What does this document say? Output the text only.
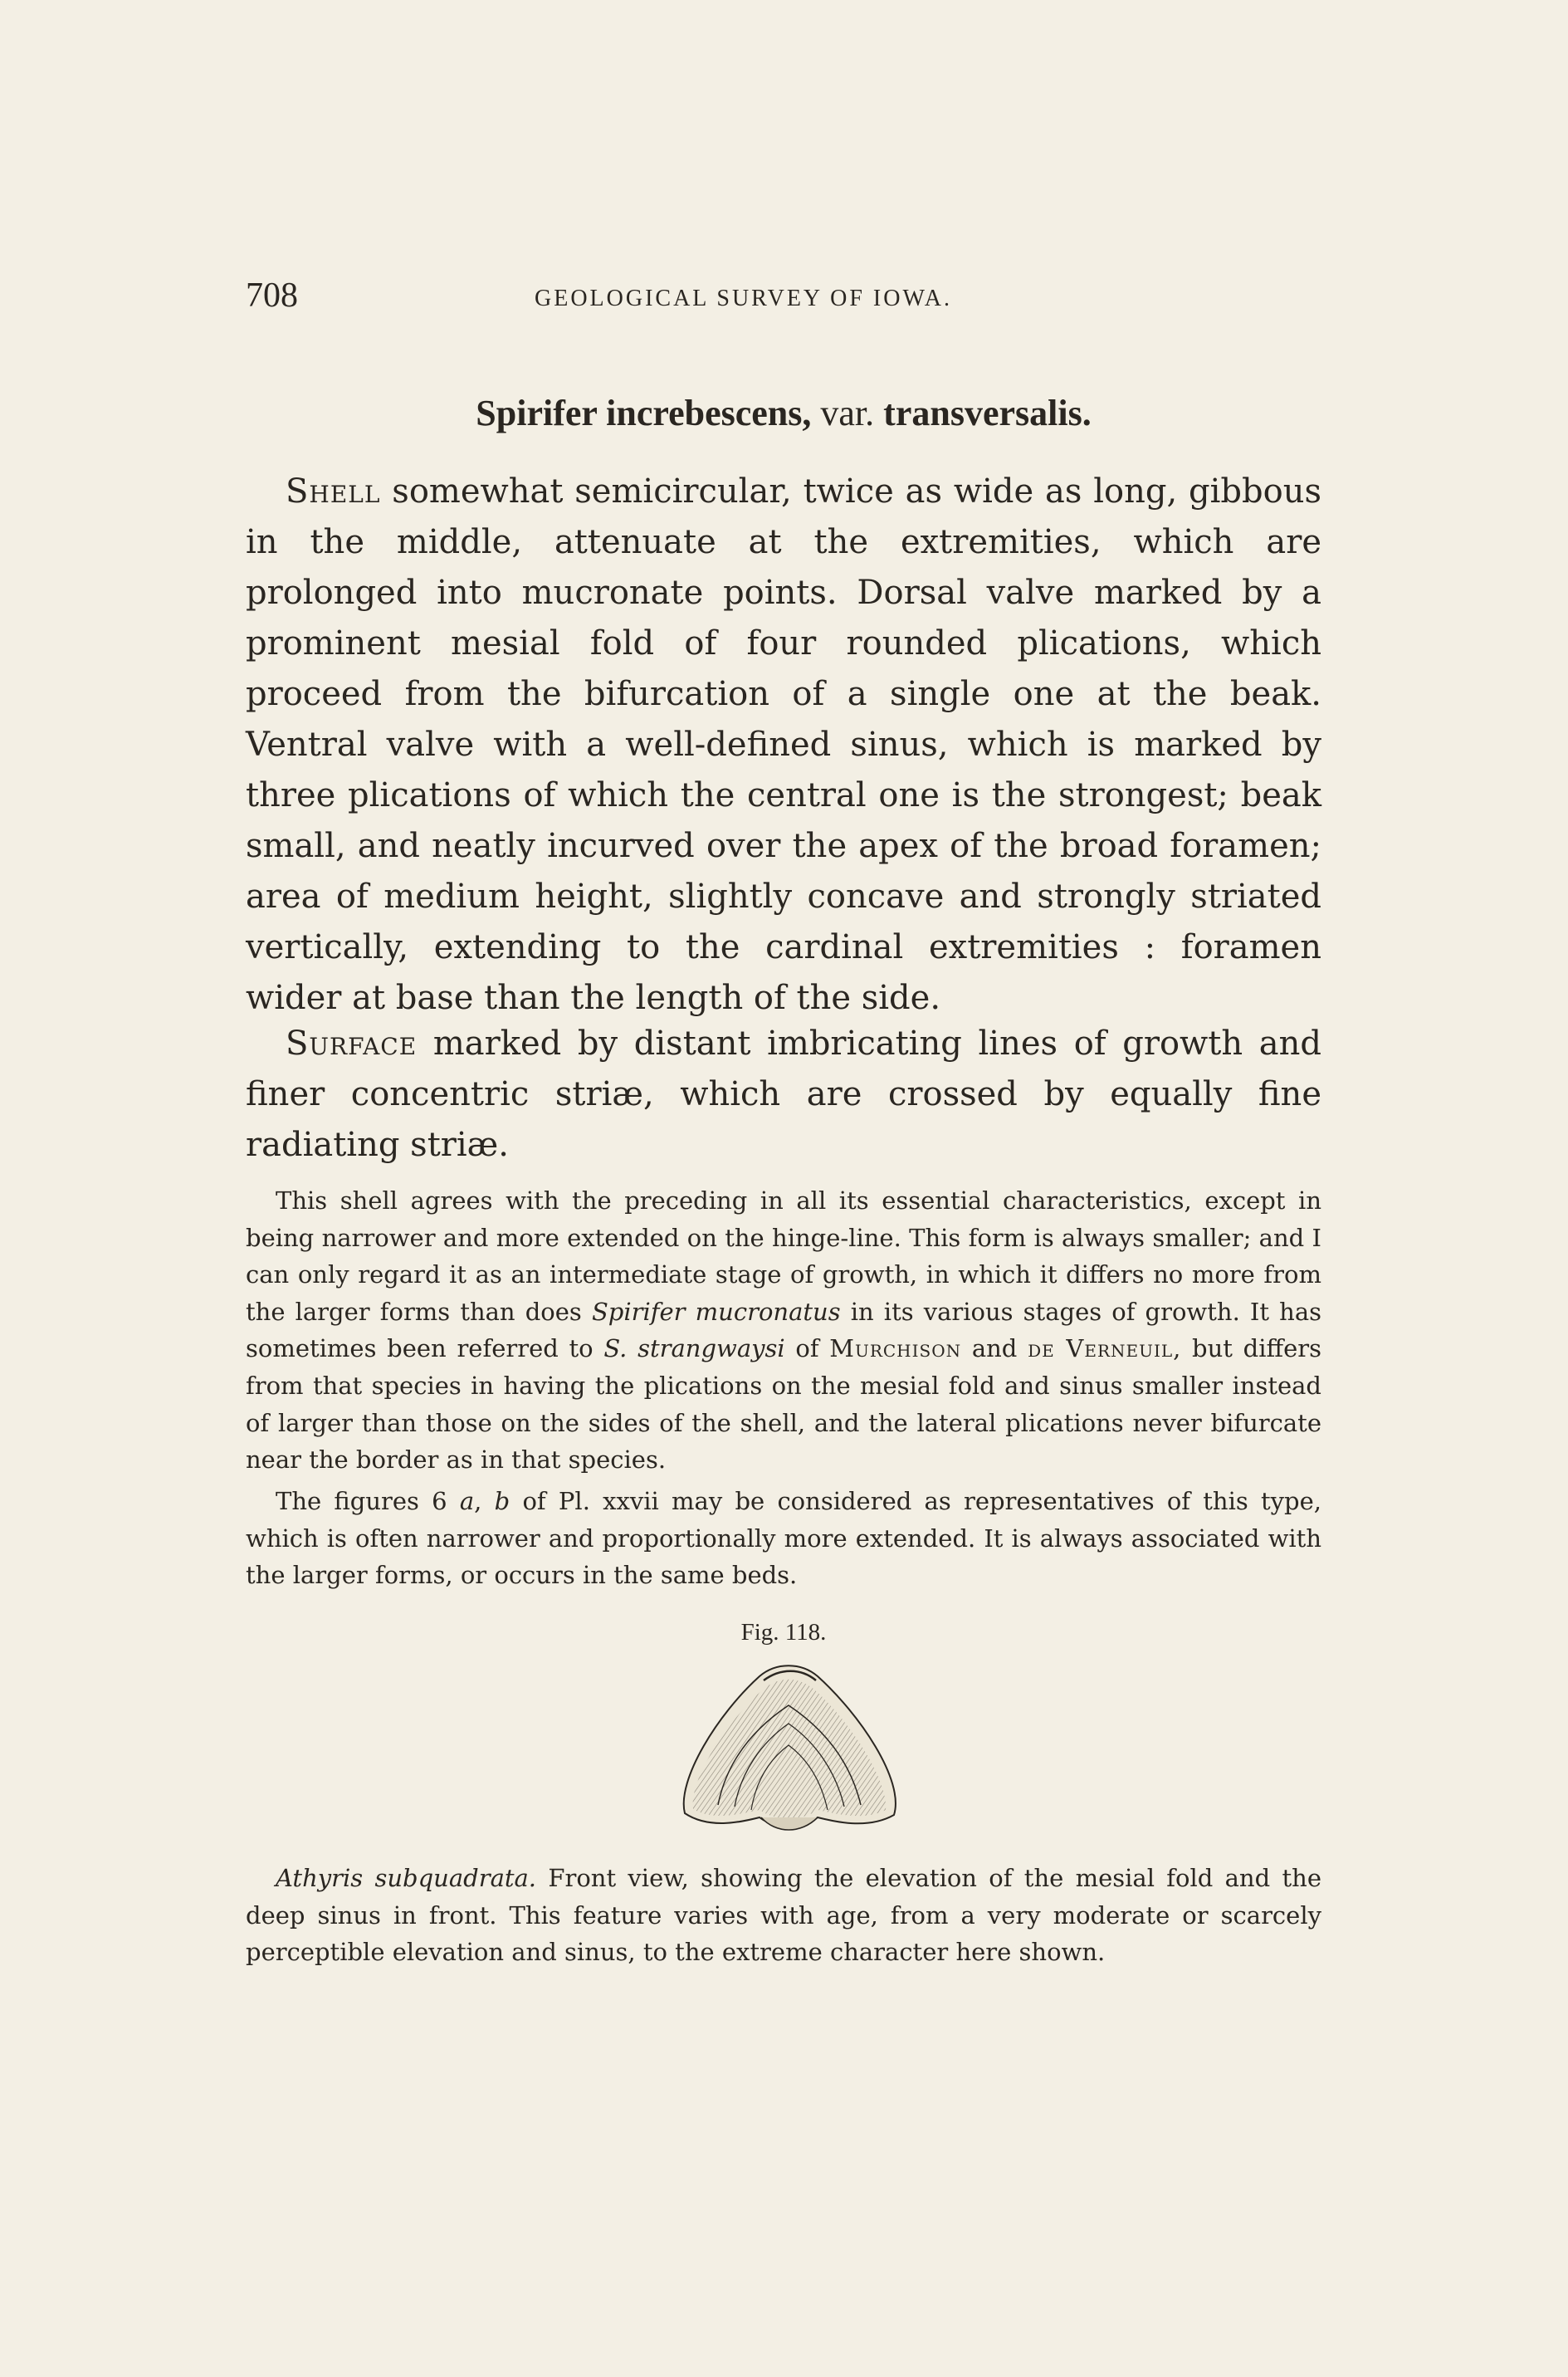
708	GEOLOGICAL SURVEY OF IOWA.
Spirifer increbescens, var. transversalis.

Shell somewhat semicircular, twice as wide as long, gibbous in the middle, attenuate at the extremities, which are prolonged into mucronate points. Dorsal valve marked by a prominent mesial fold of four rounded plications, which proceed from the bifurcation of a single one at the beak. Ventral valve with a well-defined sinus, which is marked by three plications of which the central one is the strongest; beak small, and neatly incurved over the apex of the broad foramen; area of medium height, slightly concave and strongly striated vertically, extending to the cardinal extremities : foramen wider at base than the length of the side.

Surface marked by distant imbricating lines of growth and finer concentric striæ, which are crossed by equally fine radiating striæ.

This shell agrees with the preceding in all its essential characteristics, except in being narrower and more extended on the hinge-line. This form is always smaller; and I can only regard it as an intermediate stage of growth, in which it differs no more from the larger forms than does Spirifer mucronatus in its various stages of growth. It has sometimes been referred to S. strangwaysi of Murchison and de Verneuil, but differs from that species in having the plications on the mesial fold and sinus smaller instead of larger than those on the sides of the shell, and the lateral plications never bifurcate near the border as in that species.

The figures 6 a, b of Pl. xxvii may be considered as representatives of this type, which is often narrower and proportionally more extended. It is always associated with the larger forms, or occurs in the same beds.

Fig. 118.

Athyris subquadrata. Front view, showing the elevation of the mesial fold and the deep sinus in front. This feature varies with age, from a very moderate or scarcely perceptible elevation and sinus, to the extreme character here shown.
